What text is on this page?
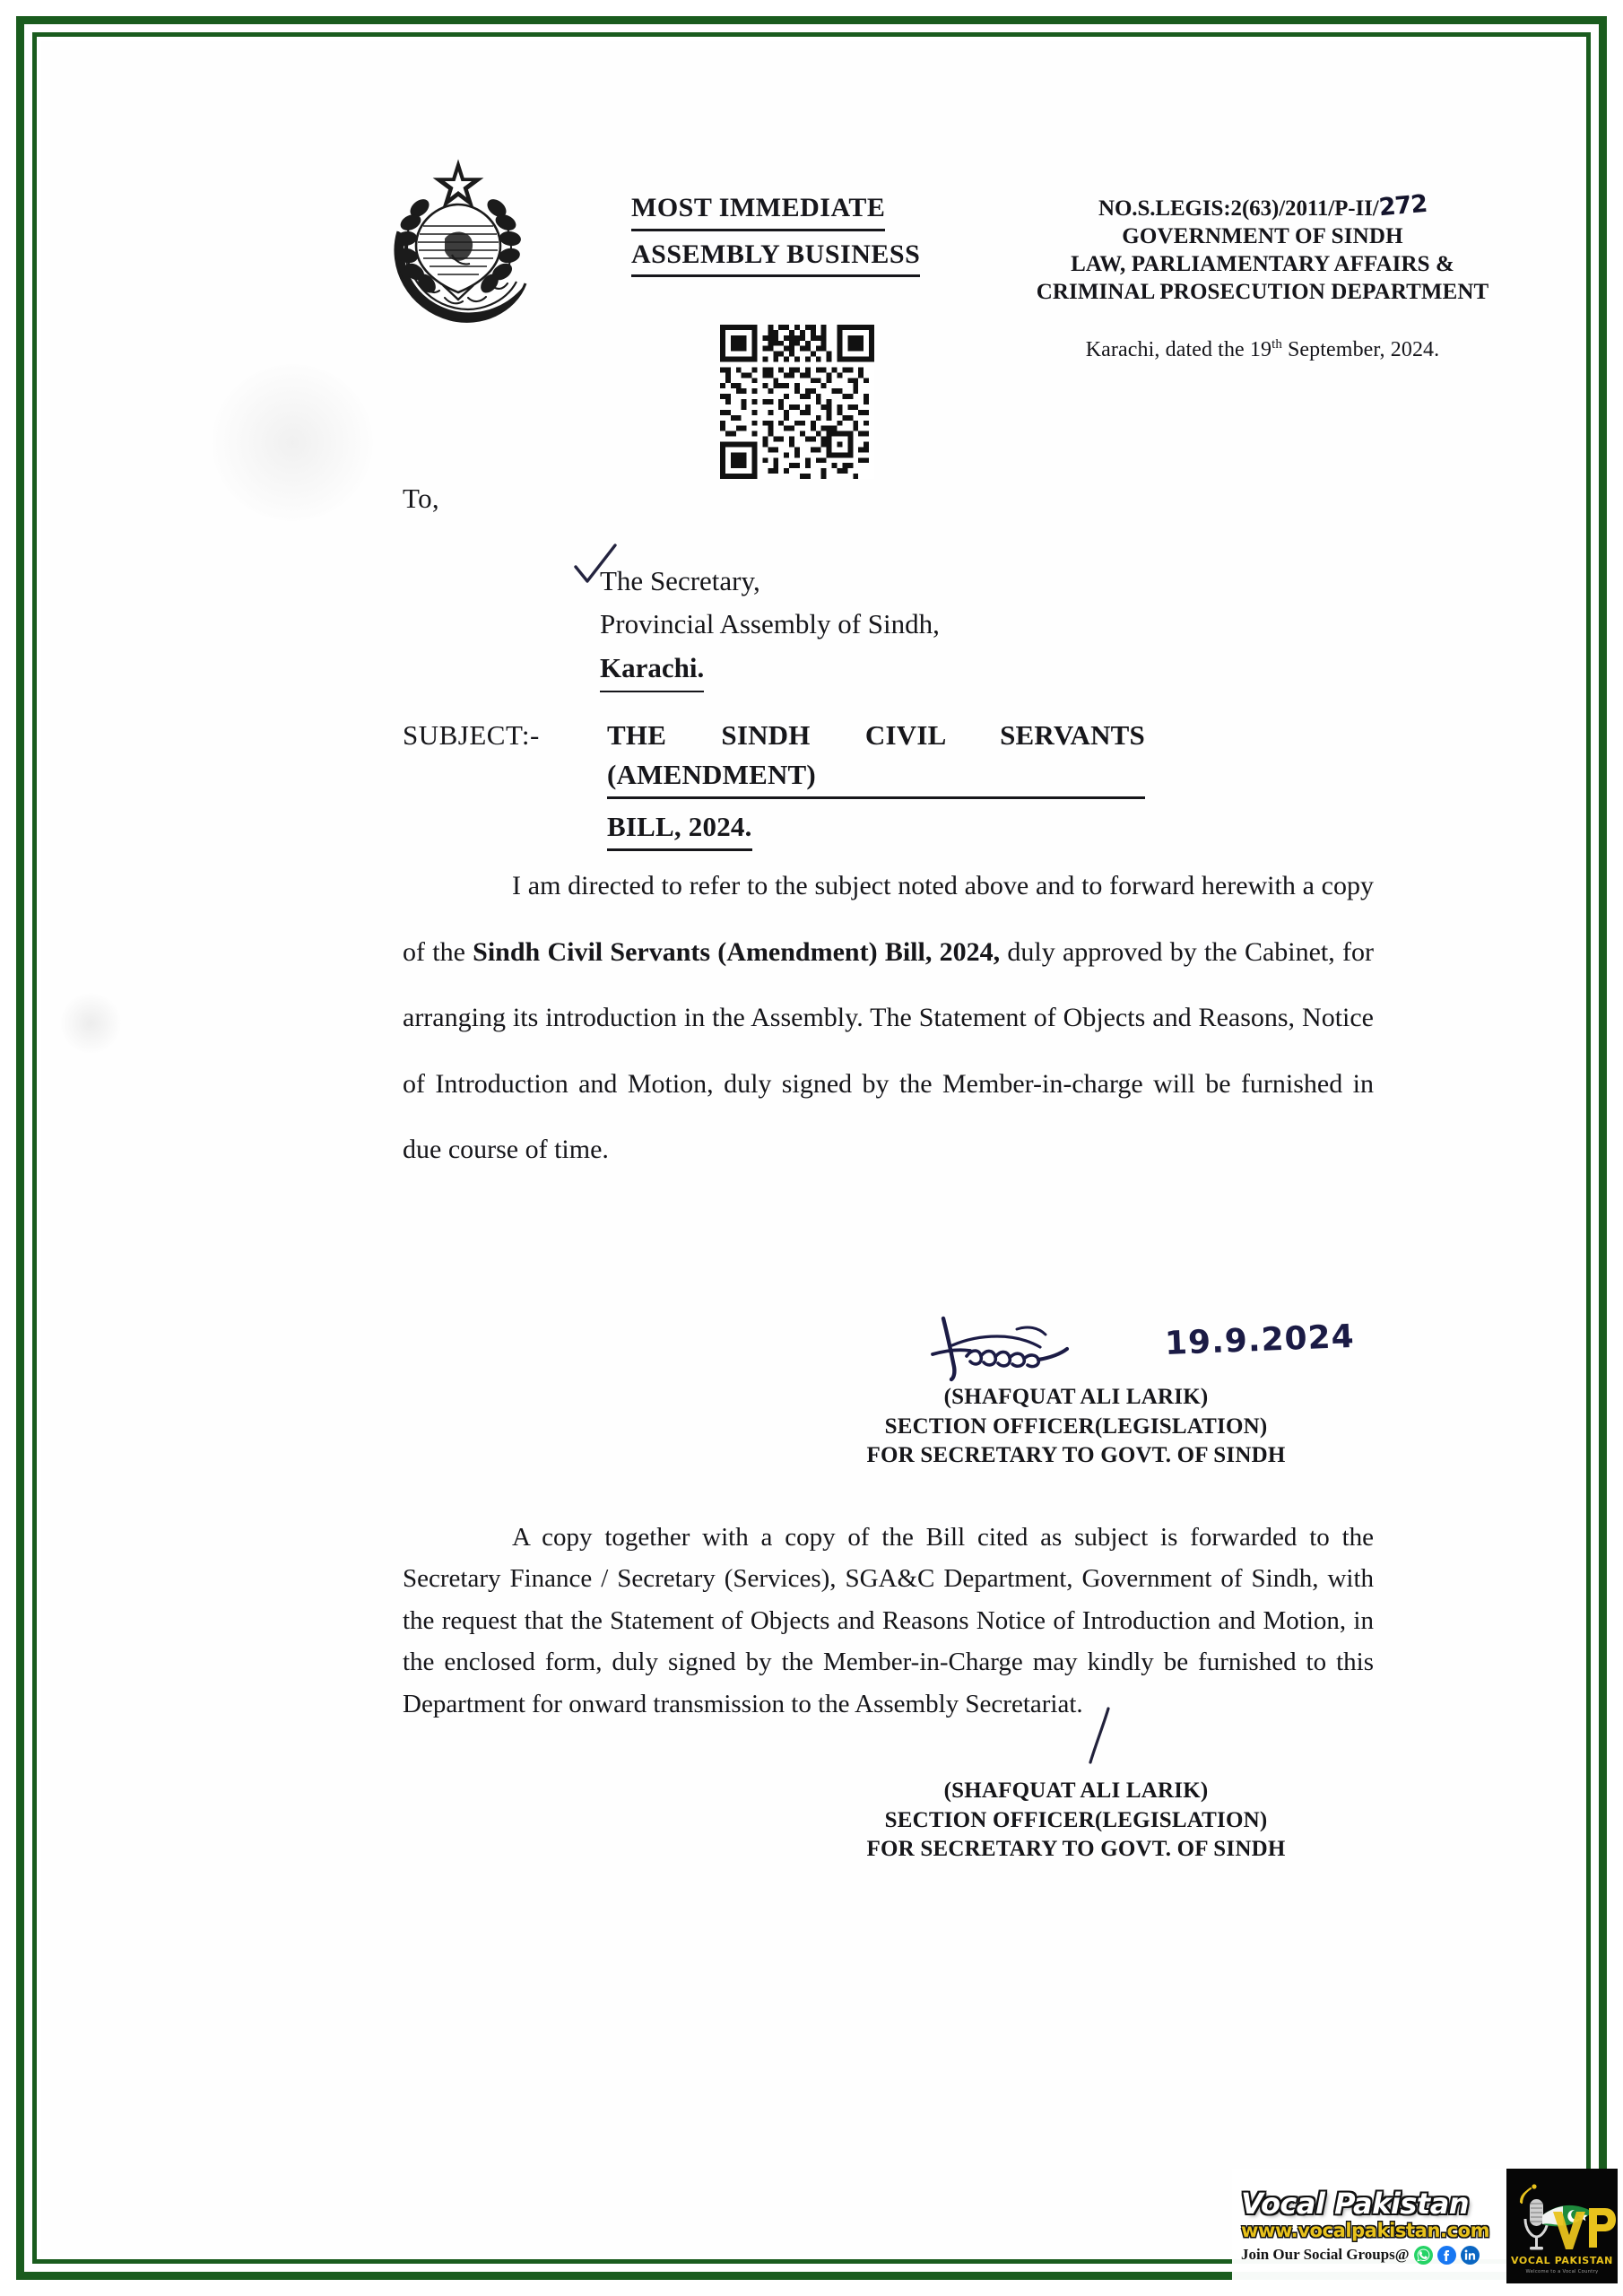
MOST IMMEDIATE
ASSEMBLY BUSINESS
NO.S.LEGIS:2(63)/2011/P-II/272
GOVERNMENT OF SINDH
LAW, PARLIAMENTARY AFFAIRS &
CRIMINAL PROSECUTION DEPARTMENT
Karachi, dated the 19th September, 2024.
To,
The Secretary,
Provincial Assembly of Sindh,
Karachi.
SUBJECT:- THE SINDH CIVIL SERVANTS (AMENDMENT)
BILL, 2024.
I am directed to refer to the subject noted above and to forward herewith a copy of the Sindh Civil Servants (Amendment) Bill, 2024, duly approved by the Cabinet, for arranging its introduction in the Assembly. The Statement of Objects and Reasons, Notice of Introduction and Motion, duly signed by the Member-in-charge will be furnished in due course of time.
19.9.2024
(SHAFQUAT ALI LARIK)
SECTION OFFICER(LEGISLATION)
FOR SECRETARY TO GOVT. OF SINDH
A copy together with a copy of the Bill cited as subject is forwarded to the Secretary Finance / Secretary (Services), SGA&C Department, Government of Sindh, with the request that the Statement of Objects and Reasons Notice of Introduction and Motion, in the enclosed form, duly signed by the Member-in-Charge may kindly be furnished to this Department for onward transmission to the Assembly Secretariat.
(SHAFQUAT ALI LARIK)
SECTION OFFICER(LEGISLATION)
FOR SECRETARY TO GOVT. OF SINDH
Vocal Pakistan
www.vocalpakistan.com
Join Our Social Groups@	VOCAL PAKISTAN
Welcome to a Vocal Country
